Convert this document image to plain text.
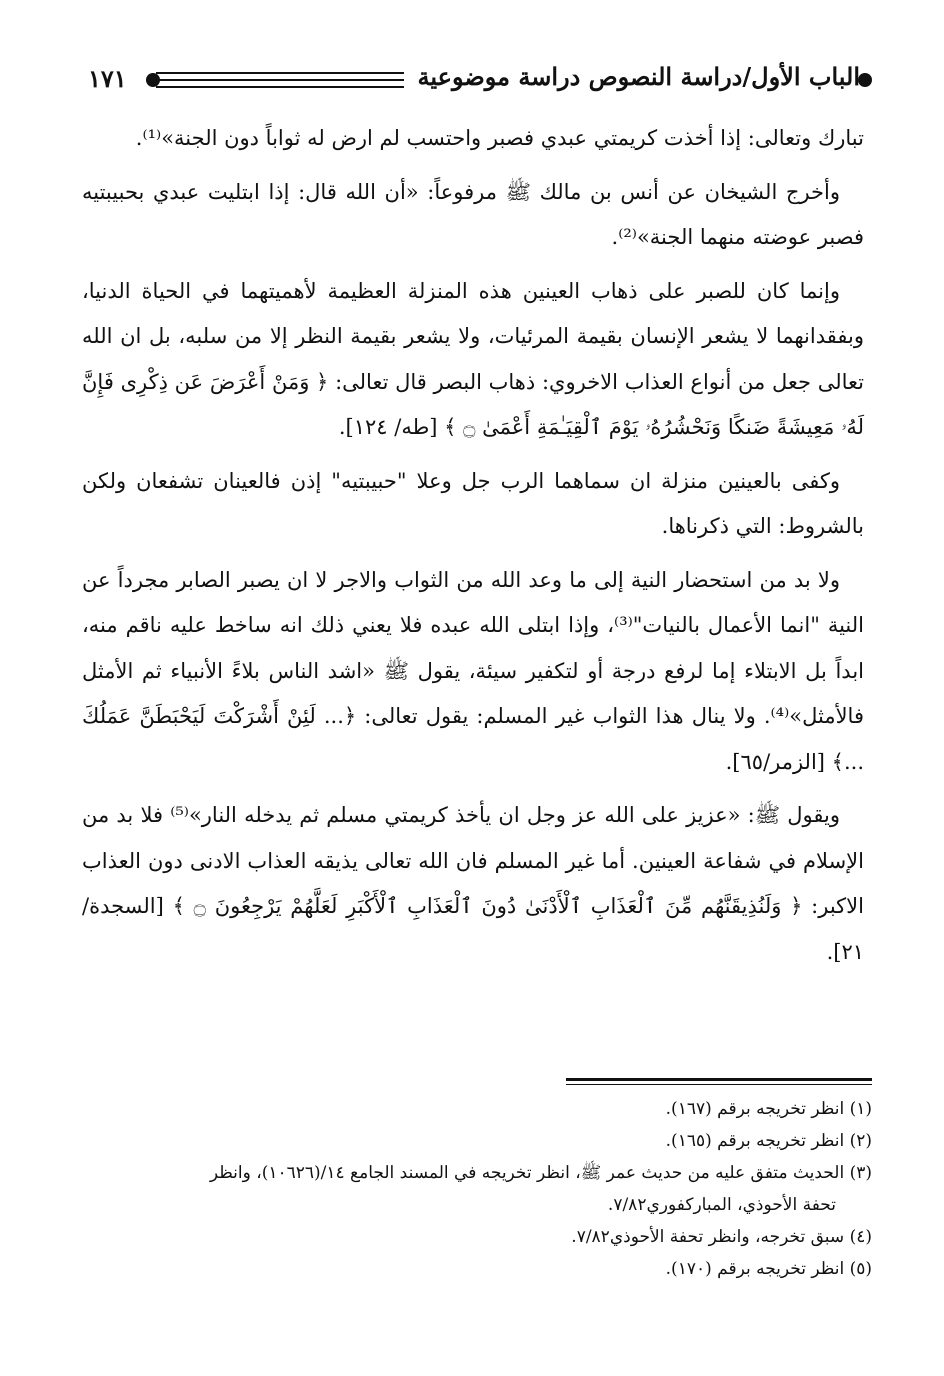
١٧١	الباب الأول/دراسة النصوص دراسة موضوعية

تبارك وتعالى: إذا أخذت كريمتي عبدي فصبر واحتسب لم ارض له ثواباً دون الجنة»⁽¹⁾.

وأخرج الشيخان عن أنس بن مالك ﷺ مرفوعاً: «أن الله قال: إذا ابتليت عبدي بحبيبتيه فصبر عوضته منهما الجنة»⁽²⁾.

وإنما كان للصبر على ذهاب العينين هذه المنزلة العظيمة لأهميتهما في الحياة الدنيا، وبفقدانهما لا يشعر الإنسان بقيمة المرئيات، ولا يشعر بقيمة النظر إلا من سلبه، بل ان الله تعالى جعل من أنواع العذاب الاخروي: ذهاب البصر قال تعالى: ﴿ وَمَنْ أَعْرَضَ عَن ذِكْرِى فَإِنَّ لَهُۥ مَعِيشَةً ضَنكًا وَنَحْشُرُهُۥ يَوْمَ ٱلْقِيَـٰمَةِ أَعْمَىٰ ۝ ﴾ [طه/ ١٢٤].

وكفى بالعينين منزلة ان سماهما الرب جل وعلا "حبيبتيه" إذن فالعينان تشفعان ولكن بالشروط: التي ذكرناها.

ولا بد من استحضار النية إلى ما وعد الله من الثواب والاجر لا ان يصبر الصابر مجرداً عن النية "انما الأعمال بالنيات"⁽³⁾، وإذا ابتلى الله عبده فلا يعني ذلك انه ساخط عليه ناقم منه، ابداً بل الابتلاء إما لرفع درجة أو لتكفير سيئة، يقول ﷺ «اشد الناس بلاءً الأنبياء ثم الأمثل فالأمثل»⁽⁴⁾. ولا ينال هذا الثواب غير المسلم: يقول تعالى: ﴿... لَئِنْ أَشْرَكْتَ لَيَحْبَطَنَّ عَمَلُكَ ...﴾ [الزمر/٦٥].

ويقول ﷺ: «عزيز على الله عز وجل ان يأخذ كريمتي مسلم ثم يدخله النار»⁽⁵⁾ فلا بد من الإسلام في شفاعة العينين. أما غير المسلم فان الله تعالى يذيقه العذاب الادنى دون العذاب الاكبر: ﴿ وَلَنُذِيقَنَّهُم مِّنَ ٱلْعَذَابِ ٱلْأَدْنَىٰ دُونَ ٱلْعَذَابِ ٱلْأَكْبَرِ لَعَلَّهُمْ يَرْجِعُونَ ۝ ﴾ [السجدة/ ٢١].

(١) انظر تخريجه برقم (١٦٧).

(٢) انظر تخريجه برقم (١٦٥).

(٣) الحديث متفق عليه من حديث عمر ﷺ، انظر تخريجه في المسند الجامع ١٤/(١٠٦٢٦)، وانظر

تحفة الأحوذي، المباركفوري٧/٨٢.

(٤) سبق تخرجه، وانظر تحفة الأحوذي٧/٨٢.

(٥) انظر تخريجه برقم (١٧٠).
